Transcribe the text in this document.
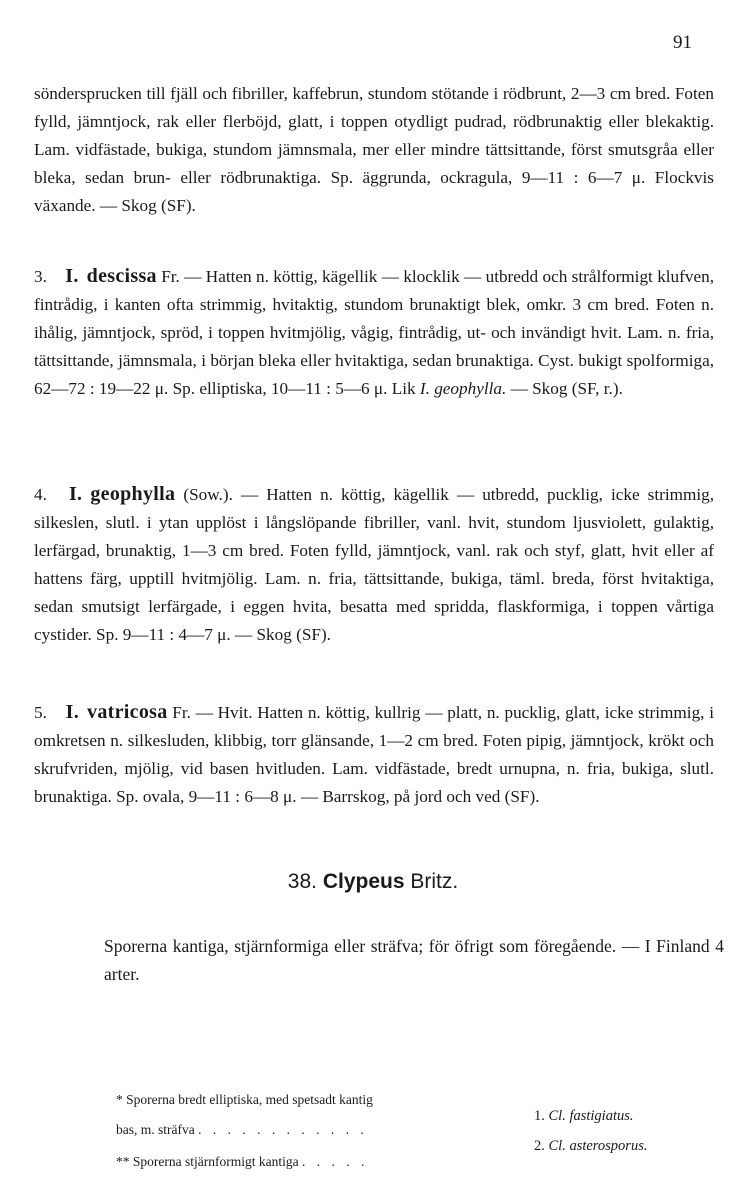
91

söndersprucken till fjäll och fibriller, kaffebrun, stundom stötande i rödbrunt, 2—3 cm bred. Foten fylld, jämntjock, rak eller flerböjd, glatt, i toppen otydligt pudrad, rödbrunaktig eller blekaktig. Lam. vidfästade, bukiga, stundom jämnsmala, mer eller mindre tättsittande, först smutsgråa eller bleka, sedan brun- eller rödbrunaktiga. Sp. äggrunda, ockragula, 9—11 : 6—7 μ. Flockvis växande. — Skog (SF).

3. I. descissa Fr. — Hatten n. köttig, kägellik — klocklik — utbredd och strålformigt klufven, fintrådig, i kanten ofta strimmig, hvitaktig, stundom brunaktigt blek, omkr. 3 cm bred. Foten n. ihålig, jämntjock, spröd, i toppen hvitmjölig, vågig, fintrådig, ut- och invändigt hvit. Lam. n. fria, tättsittande, jämnsmala, i början bleka eller hvitaktiga, sedan brunaktiga. Cyst. bukigt spolformiga, 62—72 : 19—22 μ. Sp. elliptiska, 10—11 : 5—6 μ. Lik I. geophylla. — Skog (SF, r.).

4. I. geophylla (Sow.). — Hatten n. köttig, kägellik — utbredd, pucklig, icke strimmig, silkeslen, slutl. i ytan upplöst i långslöpande fibriller, vanl. hvit, stundom ljusviolett, gulaktig, lerfärgad, brunaktig, 1—3 cm bred. Foten fylld, jämntjock, vanl. rak och styf, glatt, hvit eller af hattens färg, upptill hvitmjölig. Lam. n. fria, tättsittande, bukiga, täml. breda, först hvitaktiga, sedan smutsigt lerfärgade, i eggen hvita, besatta med spridda, flaskformiga, i toppen vårtiga cystider. Sp. 9—11 : 4—7 μ. — Skog (SF).

5. I. vatricosa Fr. — Hvit. Hatten n. köttig, kullrig — platt, n. pucklig, glatt, icke strimmig, i omkretsen n. silkesluden, klibbig, torr glänsande, 1—2 cm bred. Foten pipig, jämntjock, krökt och skrufvriden, mjölig, vid basen hvitluden. Lam. vidfästade, bredt urnupna, n. fria, bukiga, slutl. brunaktiga. Sp. ovala, 9—11 : 6—8 μ. — Barrskog, på jord och ved (SF).

38. Clypeus Britz.
Sporerna kantiga, stjärnformiga eller sträfva; för öfrigt som föregående. — I Finland 4 arter.
* Sporerna bredt elliptiska, med spetsadt kantig
bas, m. sträfva . . . . . . . . . . . .
** Sporerna stjärnformigt kantiga . . . . .
1. Cl. fastigiatus.
2. Cl. asterosporus.
